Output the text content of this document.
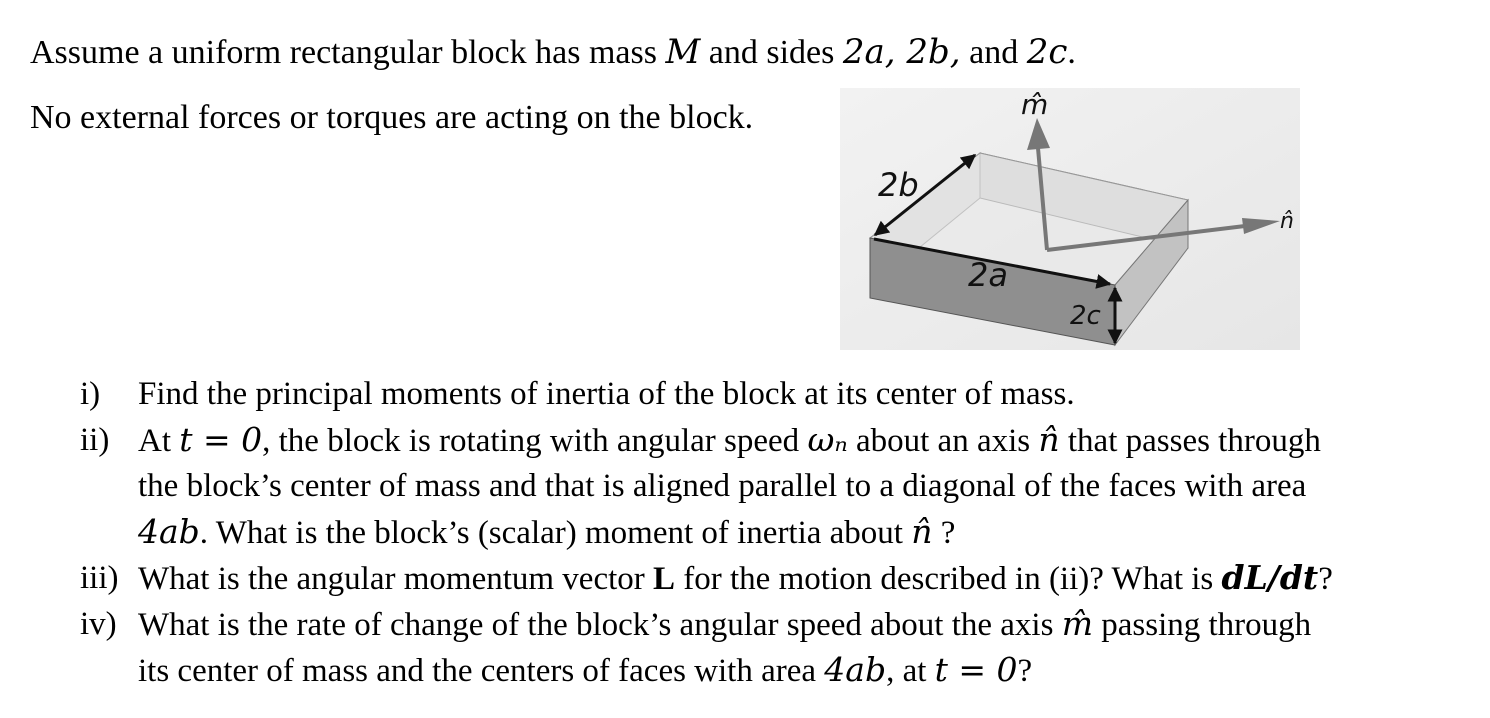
Assume a uniform rectangular block has mass M and sides 2a, 2b, and 2c.
No external forces or torques are acting on the block.
2b
2a
2c
m̂
n̂
i)	Find the principal moments of inertia of the block at its center of mass.
ii) At t = 0, the block is rotating with angular speed ωₙ about an axis n̂ that passes through
the block’s center of mass and that is aligned parallel to a diagonal of the faces with area
4ab. What is the block’s (scalar) moment of inertia about n̂ ?
iii) What is the angular momentum vector L for the motion described in (ii)? What is dL/dt?
iv) What is the rate of change of the block’s angular speed about the axis m̂ passing through
its center of mass and the centers of faces with area 4ab, at t = 0?
